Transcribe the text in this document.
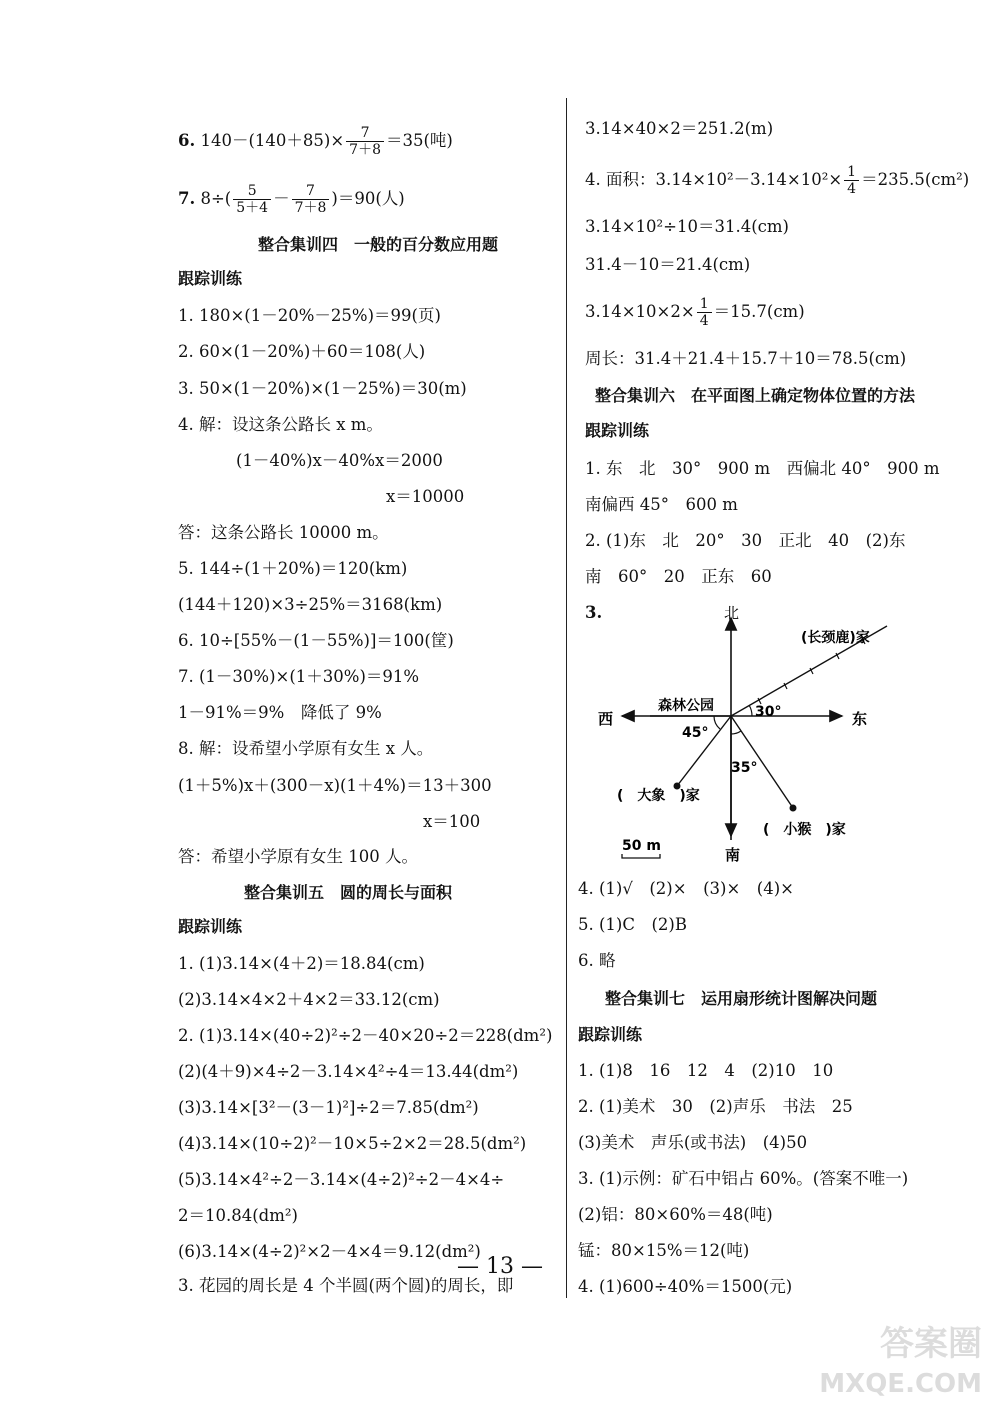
6. $140-(140+85)\times \frac{7}{7+8} =35$(吨)
7. $8\div( \frac{5}{5+4} - \frac{7}{7+8} )=90$(人)
整合集训四　一般的百分数应用题
跟踪训练
1. 180×(1－20%－25%)＝99(页)
2. 60×(1－20%)＋60＝108(人)
3. 50×(1－20%)×(1－25%)＝30(m)
4. 解：设这条公路长 x m。
(1－40%)x－40%x＝2000
x＝10000
答：这条公路长 10000 m。
5. 144÷(1＋20%)＝120(km)
(144＋120)×3÷25%＝3168(km)
6. 10÷[55%－(1－55%)]＝100(筐)
7. (1－30%)×(1＋30%)＝91%
1－91%＝9%　降低了 9%
8. 解：设希望小学原有女生 x 人。
(1＋5%)x＋(300－x)(1＋4%)＝13＋300
x＝100
答：希望小学原有女生 100 人。
整合集训五　圆的周长与面积
跟踪训练
1. (1)3.14×(4＋2)＝18.84(cm)
(2)3.14×4×2＋4×2＝33.12(cm)
2. (1)3.14×(40÷2)²÷2－40×20÷2＝228(dm²)
(2)(4＋9)×4÷2－3.14×4²÷4＝13.44(dm²)
(3)3.14×[3²－(3－1)²]÷2＝7.85(dm²)
(4)3.14×(10÷2)²－10×5÷2×2＝28.5(dm²)
(5)3.14×4²÷2－3.14×(4÷2)²÷2－4×4÷
2＝10.84(dm²)
(6)3.14×(4÷2)²×2－4×4＝9.12(dm²)
3. 花园的周长是 4 个半圆(两个圆)的周长，即
3.14×40×2＝251.2(m)
4. 面积：$3.14\times 10^2-3.14\times 10^2\times \frac{1}{4} =235.5(cm^2)$
3.14×10²÷10＝31.4(cm)
31.4－10＝21.4(cm)
$3.14\times 10\times 2\times \frac{1}{4} =15.7(cm)$
周长：31.4＋21.4＋15.7＋10＝78.5(cm)
整合集训六　在平面图上确定物体位置的方法
跟踪训练
1. 东　北　30°　900 m　西偏北 40°　900 m
南偏西 45°　600 m
2. (1)东　北　20°　30　正北　40　(2)东
南　60°　20　正东　60
3.	北
南
东
西
森林公园
(长颈鹿)家
(　大象　)家
(　小猴　)家
30°
45°
35°
50 m
4. (1)√　(2)×　(3)×　(4)×
5. (1)C　(2)B
6. 略
整合集训七　运用扇形统计图解决问题
跟踪训练
1. (1)8　16　12　4　(2)10　10
2. (1)美术　30　(2)声乐　书法　25
(3)美术　声乐(或书法)　(4)50
3. (1)示例：矿石中铝占 60%。(答案不唯一)
(2)铝：80×60%＝48(吨)
锰：80×15%＝12(吨)
4. (1)600÷40%＝1500(元)
— 13 —
答案圈
MXQE.COM
